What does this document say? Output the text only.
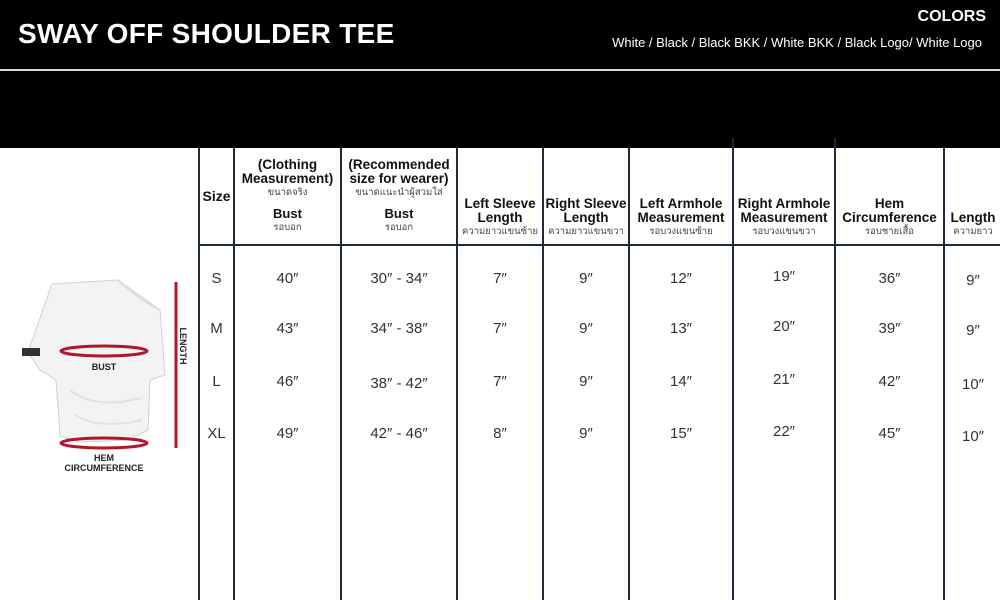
SWAY OFF SHOULDER TEE
COLORS
White / Black / Black BKK / White BKK / Black Logo/ White Logo
BUST
HEM
CIRCUMFERENCE
LENGTH
Size
(Clothing Measurement)
ขนาดจริง
Bust
รอบอก
(Recommended size for wearer)
ขนาดแนะนำผู้สวมใส่
Bust
รอบอก
Left Sleeve Length
ความยาวแขนซ้าย
Right Sleeve Length
ความยาวแขนขวา
Left Armhole Measurement
รอบวงแขนซ้าย
Right Armhole Measurement
รอบวงแขนขวา
Hem Circumference
รอบชายเสื้อ
Length
ความยาว
S	40″	30″ - 34″	7″	9″	12″	19″	36″	9″
M	43″	34″ - 38″	7″	9″	13″	20″	39″	9″
L	46″	38″ - 42″	7″	9″	14″	21″	42″	10″
XL	49″	42″ - 46″	8″	9″	15″	22″	45″	10″
